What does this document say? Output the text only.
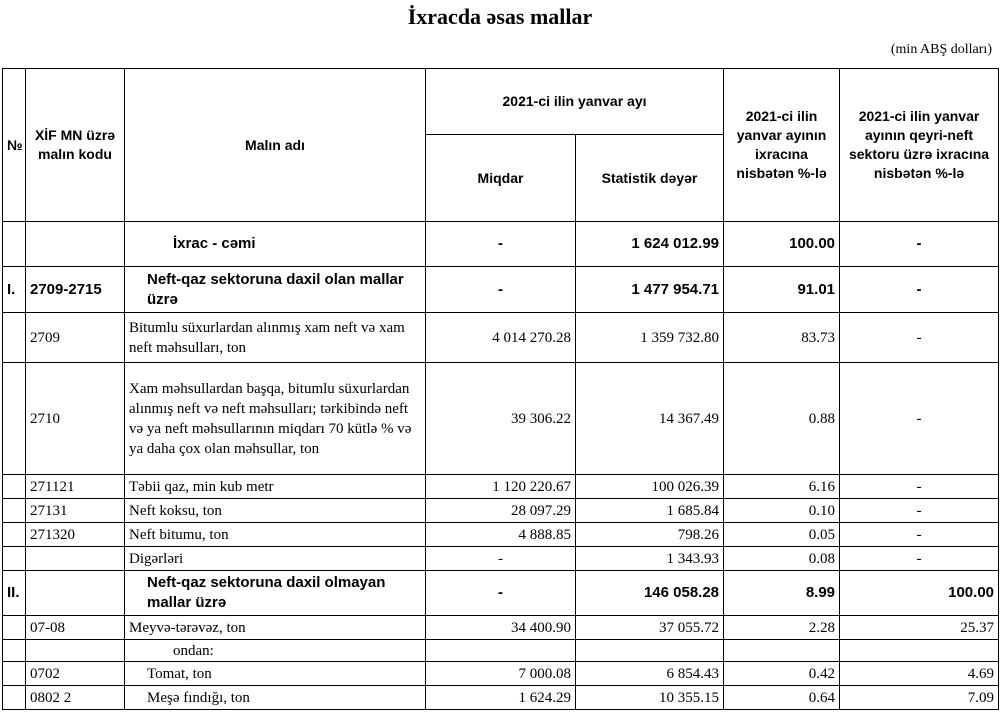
İxracda əsas mallar
(min ABŞ dolları)
№	XİF MN üzrə malın kodu	Malın adı	2021-ci ilin yanvar ayı		2021-ci ilin yanvar ayının ixracına nisbətən %-lə	2021-ci ilin yanvar ayının qeyri-neft sektoru üzrə ixracına nisbətən %-lə
			Miqdar	Statistik dəyər		
		İxrac - cəmi	-	1 624 012.99	100.00	-
I.	2709-2715	Neft-qaz sektoruna daxil olan mallar üzrə	-	1 477 954.71	91.01	-
	2709	Bitumlu süxurlardan alınmış xam neft və xam neft məhsulları, ton	4 014 270.28	1 359 732.80	83.73	-
	2710	Xam məhsullardan başqa, bitumlu süxurlardan alınmış neft və neft məhsulları; tərkibində neft və ya neft məhsullarının miqdarı 70 kütlə % və ya daha çox olan məhsullar, ton	39 306.22	14 367.49	0.88	-
	271121	Təbii qaz, min kub metr	1 120 220.67	100 026.39	6.16	-
	27131	Neft koksu, ton	28 097.29	1 685.84	0.10	-
	271320	Neft bitumu, ton	4 888.85	798.26	0.05	-
		Digərləri	-	1 343.93	0.08	-
II.		Neft-qaz sektoruna daxil olmayan mallar üzrə	-	146 058.28	8.99	100.00
	07-08	Meyvə-tərəvəz, ton	34 400.90	37 055.72	2.28	25.37
		ondan:				
	0702	Tomat, ton	7 000.08	6 854.43	0.42	4.69
	0802 2	Meşə fındığı, ton	1 624.29	10 355.15	0.64	7.09
